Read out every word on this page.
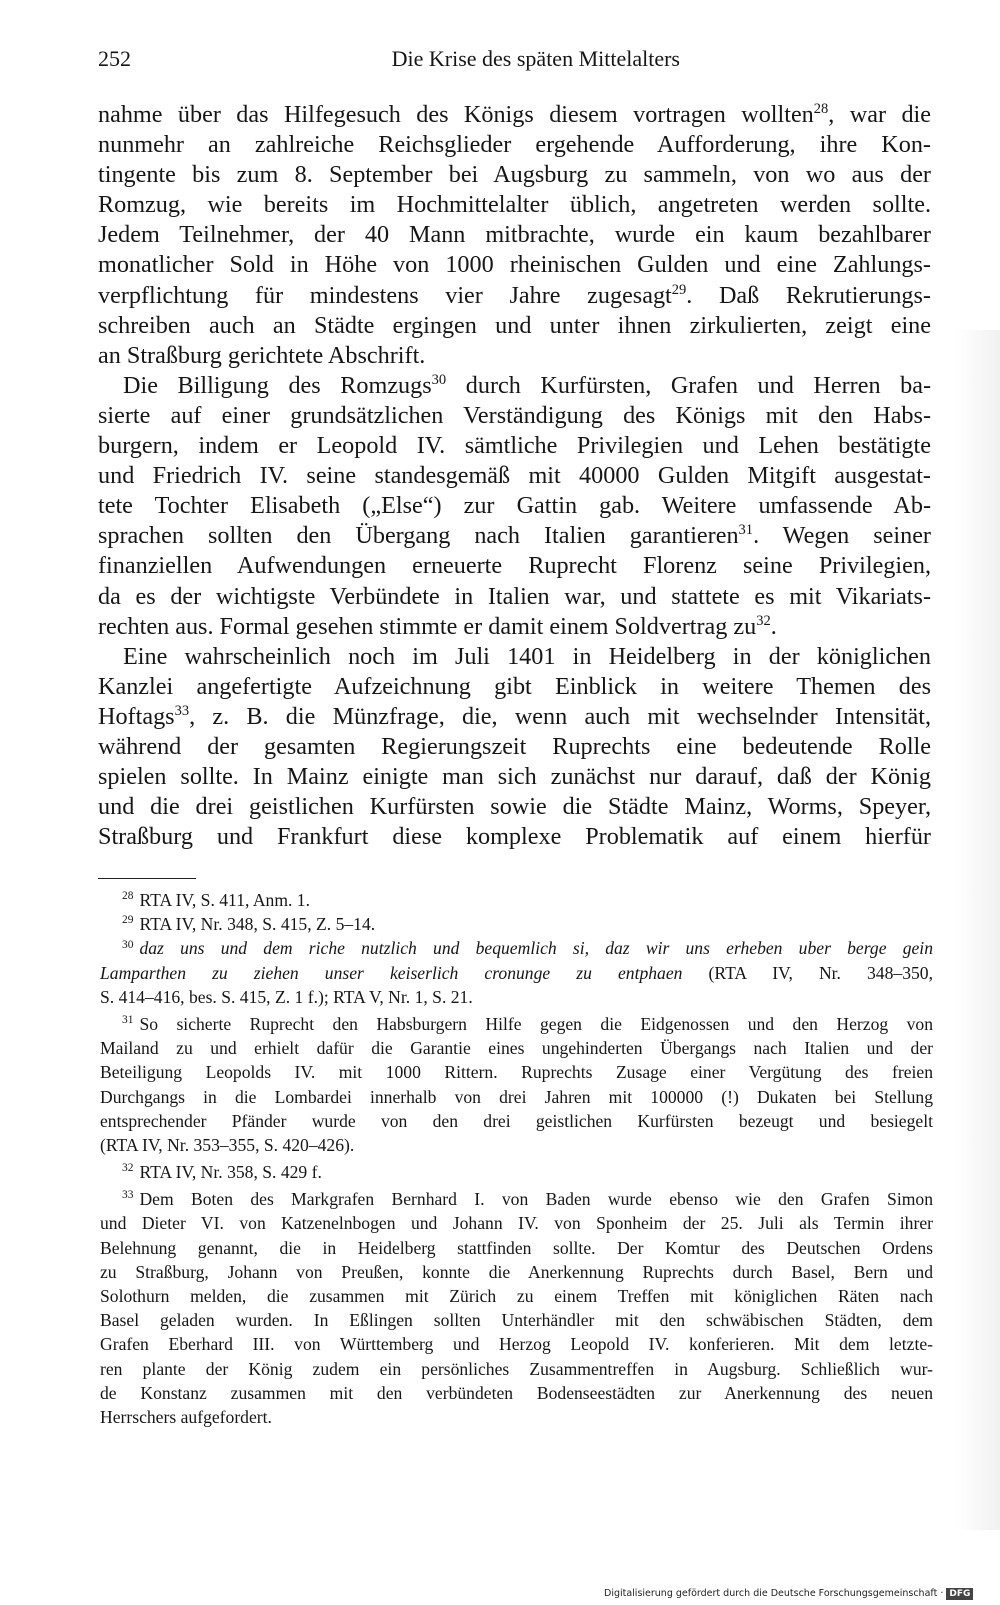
252	Die Krise des späten Mittelalters
nahme über das Hilfegesuch des Königs diesem vortragen wollten$^{28}$, war die
nunmehr an zahlreiche Reichsglieder ergehende Aufforderung, ihre Kon-
tingente bis zum 8. September bei Augsburg zu sammeln, von wo aus der
Romzug, wie bereits im Hochmittelalter üblich, angetreten werden sollte.
Jedem Teilnehmer, der 40 Mann mitbrachte, wurde ein kaum bezahlbarer
monatlicher Sold in Höhe von 1000 rheinischen Gulden und eine Zahlungs-
verpflichtung für mindestens vier Jahre zugesagt$^{29}$. Daß Rekrutierungs-
schreiben auch an Städte ergingen und unter ihnen zirkulierten, zeigt eine
an Straßburg gerichtete Abschrift.
Die Billigung des Romzugs$^{30}$ durch Kurfürsten, Grafen und Herren ba-
sierte auf einer grundsätzlichen Verständigung des Königs mit den Habs-
burgern, indem er Leopold IV. sämtliche Privilegien und Lehen bestätigte
und Friedrich IV. seine standesgemäß mit 40000 Gulden Mitgift ausgestat-
tete Tochter Elisabeth („Else“) zur Gattin gab. Weitere umfassende Ab-
sprachen sollten den Übergang nach Italien garantieren$^{31}$. Wegen seiner
finanziellen Aufwendungen erneuerte Ruprecht Florenz seine Privilegien,
da es der wichtigste Verbündete in Italien war, und stattete es mit Vikariats-
rechten aus. Formal gesehen stimmte er damit einem Soldvertrag $zu^{32}$.
Eine wahrscheinlich noch im Juli 1401 in Heidelberg in der königlichen
Kanzlei angefertigte Aufzeichnung gibt Einblick in weitere Themen des
Hoftags$^{33}$, z. B. die Münzfrage, die, wenn auch mit wechselnder Intensität,
während der gesamten Regierungszeit Ruprechts eine bedeutende Rolle
spielen sollte. In Mainz einigte man sich zunächst nur darauf, daß der König
und die drei geistlichen Kurfürsten sowie die Städte Mainz, Worms, Speyer,
Straßburg und Frankfurt diese komplexe Problematik auf einem hierfür
$^{28}$ RTA IV, S. 411, Anm. 1.
$^{29}$ RTA IV, Nr. 348, S. 415, Z. 5–14.
$^{30}$ daz uns und dem riche nutzlich und bequemlich si, daz wir uns erheben uber berge gein
Lamparthen zu ziehen unser keiserlich cronunge zu entphaen (RTA IV, Nr. 348–350,
S. 414–416, bes. S. 415, Z. 1 f.); RTA V, Nr. 1, S. 21.
$^{31}$ So sicherte Ruprecht den Habsburgern Hilfe gegen die Eidgenossen und den Herzog von
Mailand zu und erhielt dafür die Garantie eines ungehinderten Übergangs nach Italien und der
Beteiligung Leopolds IV. mit 1000 Rittern. Ruprechts Zusage einer Vergütung des freien
Durchgangs in die Lombardei innerhalb von drei Jahren mit 100000 (!) Dukaten bei Stellung
entsprechender Pfänder wurde von den drei geistlichen Kurfürsten bezeugt und besiegelt
(RTA IV, Nr. 353–355, S. 420–426).
$^{32}$ RTA IV, Nr. 358, S. 429 f.
$^{33}$ Dem Boten des Markgrafen Bernhard I. von Baden wurde ebenso wie den Grafen Simon
und Dieter VI. von Katzenelnbogen und Johann IV. von Sponheim der 25. Juli als Termin ihrer
Belehnung genannt, die in Heidelberg stattfinden sollte. Der Komtur des Deutschen Ordens
zu Straßburg, Johann von Preußen, konnte die Anerkennung Ruprechts durch Basel, Bern und
Solothurn melden, die zusammen mit Zürich zu einem Treffen mit königlichen Räten nach
Basel geladen wurden. In Eßlingen sollten Unterhändler mit den schwäbischen Städten, dem
Grafen Eberhard III. von Württemberg und Herzog Leopold IV. konferieren. Mit dem letzte-
ren plante der König zudem ein persönliches Zusammentreffen in Augsburg. Schließlich wur-
de Konstanz zusammen mit den verbündeten Bodenseestädten zur Anerkennung des neuen
Herrschers aufgefordert.
Digitalisierung gefördert durch die Deutsche Forschungsgemeinschaft · DFG
